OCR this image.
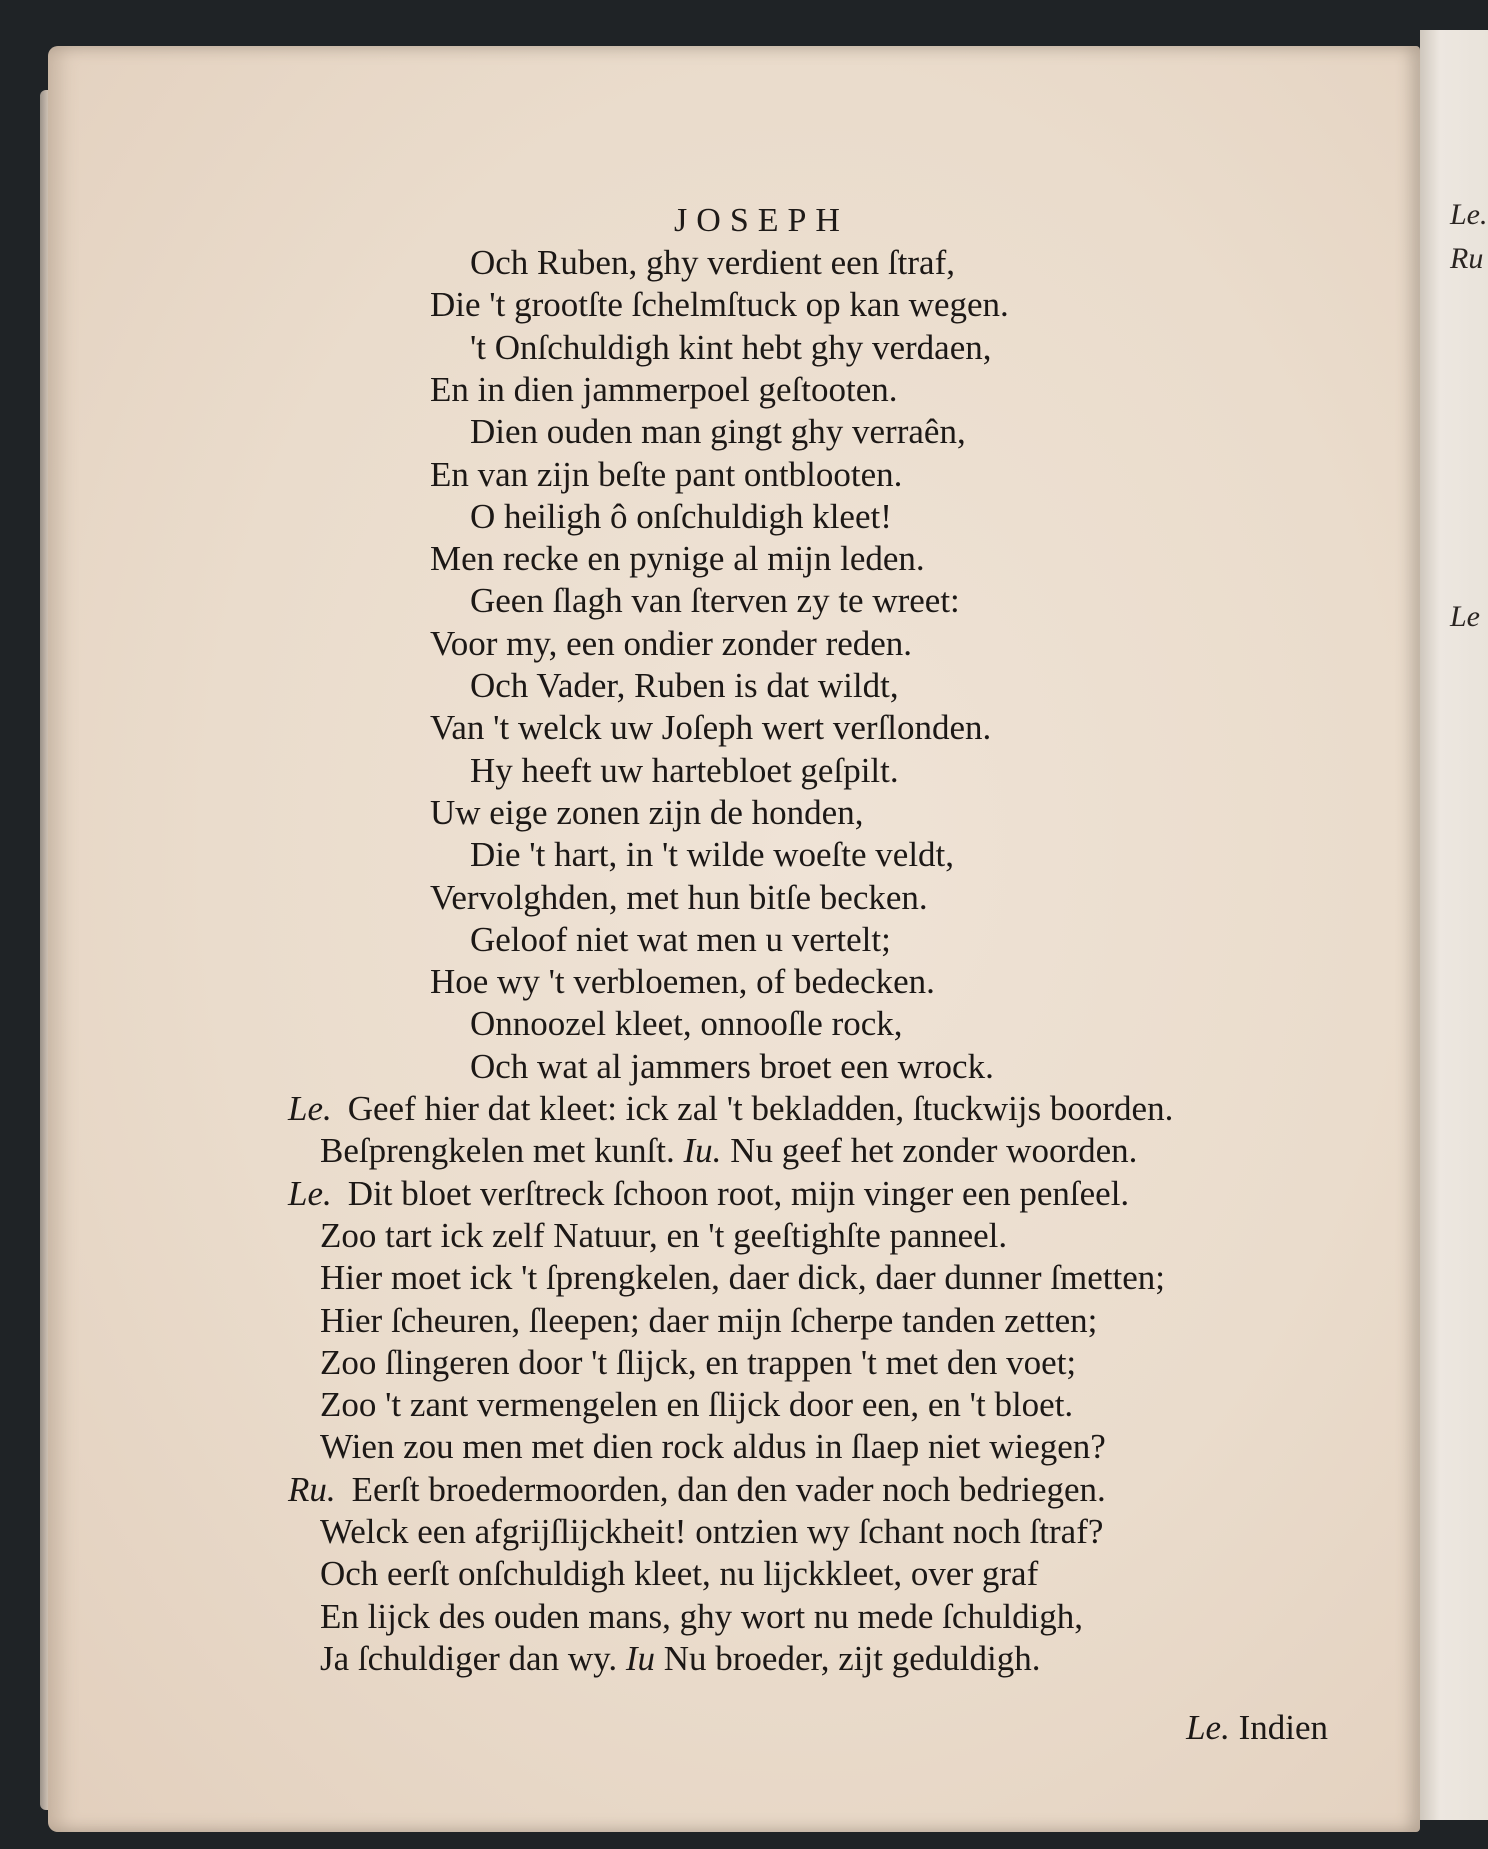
Le.
Ru
Le
JOSEPH
Och Ruben, ghy verdient een ſtraf,
Die 't grootſte ſchelmſtuck op kan wegen.
't Onſchuldigh kint hebt ghy verdaen,
En in dien jammerpoel geſtooten.
Dien ouden man gingt ghy verraên,
En van zijn beſte pant ontblooten.
O heiligh ô onſchuldigh kleet!
Men recke en pynige al mijn leden.
Geen ſlagh van ſterven zy te wreet:
Voor my, een ondier zonder reden.
Och Vader, Ruben is dat wildt,
Van 't welck uw Joſeph wert verſlonden.
Hy heeft uw hartebloet geſpilt.
Uw eige zonen zijn de honden,
Die 't hart, in 't wilde woeſte veldt,
Vervolghden, met hun bitſe becken.
Geloof niet wat men u vertelt;
Hoe wy 't verbloemen, of bedecken.
Onnoozel kleet, onnooſle rock,
Och wat al jammers broet een wrock.
Le. Geef hier dat kleet: ick zal 't bekladden, ſtuckwijs boorden.
Beſprengkelen met kunſt. Iu. Nu geef het zonder woorden.
Le. Dit bloet verſtreck ſchoon root, mijn vinger een penſeel.
Zoo tart ick zelf Natuur, en 't geeſtighſte panneel.
Hier moet ick 't ſprengkelen, daer dick, daer dunner ſmetten;
Hier ſcheuren, ſleepen; daer mijn ſcherpe tanden zetten;
Zoo ſlingeren door 't ſlijck, en trappen 't met den voet;
Zoo 't zant vermengelen en ſlijck door een, en 't bloet.
Wien zou men met dien rock aldus in ſlaep niet wiegen?
Ru. Eerſt broedermoorden, dan den vader noch bedriegen.
Welck een afgrijſlijckheit! ontzien wy ſchant noch ſtraf?
Och eerſt onſchuldigh kleet, nu lijckkleet, over graf
En lijck des ouden mans, ghy wort nu mede ſchuldigh,
Ja ſchuldiger dan wy. Iu Nu broeder, zijt geduldigh.
Le. Indien
